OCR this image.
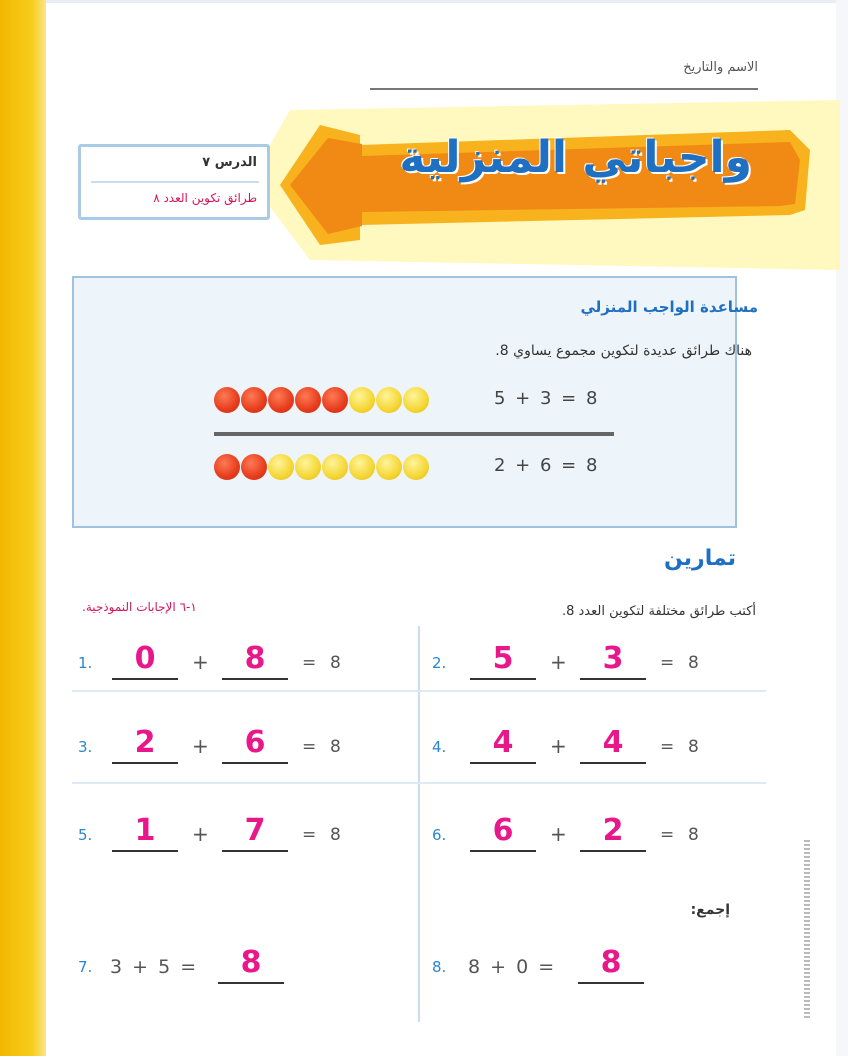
الاسم والتاريخ
واجباتي المنزلية
الدرس ٧
طرائق تكوين العدد ٨
مساعدة الواجب المنزلي
هناك طرائق عديدة لتكوين مجموع يساوي 8.
5 + 3 = 8
2 + 6 = 8
تمارين
أكتب طرائق مختلفة لتكوين العدد 8.
١-٦ الإجابات النموذجية.
1.	0	+	8	= 8	2.	5	+	3	= 8
3.	2	+	6	= 8	4.	4	+	4	= 8
5.	1	+	7	= 8	6.	6	+	2	= 8
إجمع:
7. 3 + 5 =	8	8. 8 + 0 =	8
